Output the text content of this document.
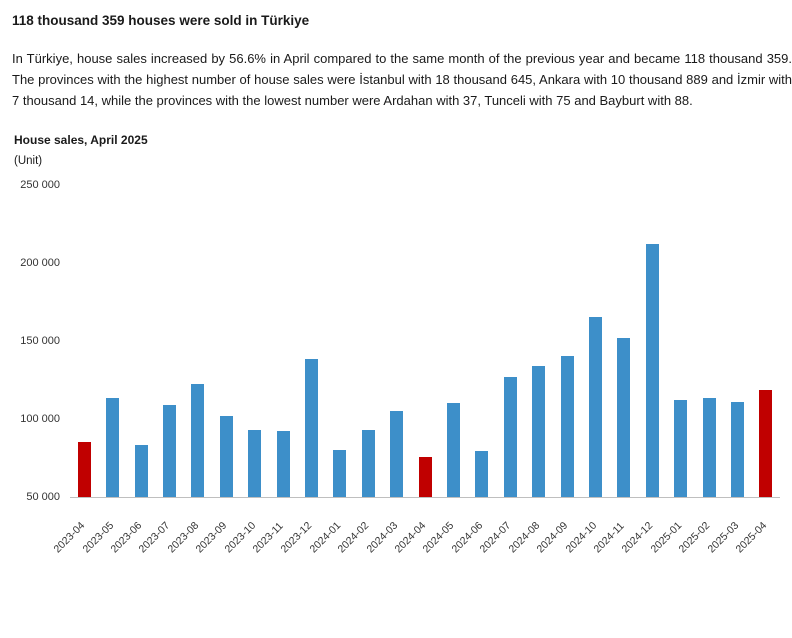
118 thousand 359 houses were sold in Türkiye
In Türkiye, house sales increased by 56.6% in April compared to the same month of the previous year and became 118 thousand 359. The provinces with the highest number of house sales were İstanbul with 18 thousand 645, Ankara with 10 thousand 889 and İzmir with 7 thousand 14, while the provinces with the lowest number were Ardahan with 37, Tunceli with 75 and Bayburt with 88.
House sales, April 2025
(Unit)
50 000
100 000
150 000
200 000
250 000
2023-04
2023-05
2023-06
2023-07
2023-08
2023-09
2023-10
2023-11
2023-12
2024-01
2024-02
2024-03
2024-04
2024-05
2024-06
2024-07
2024-08
2024-09
2024-10
2024-11
2024-12
2025-01
2025-02
2025-03
2025-04
